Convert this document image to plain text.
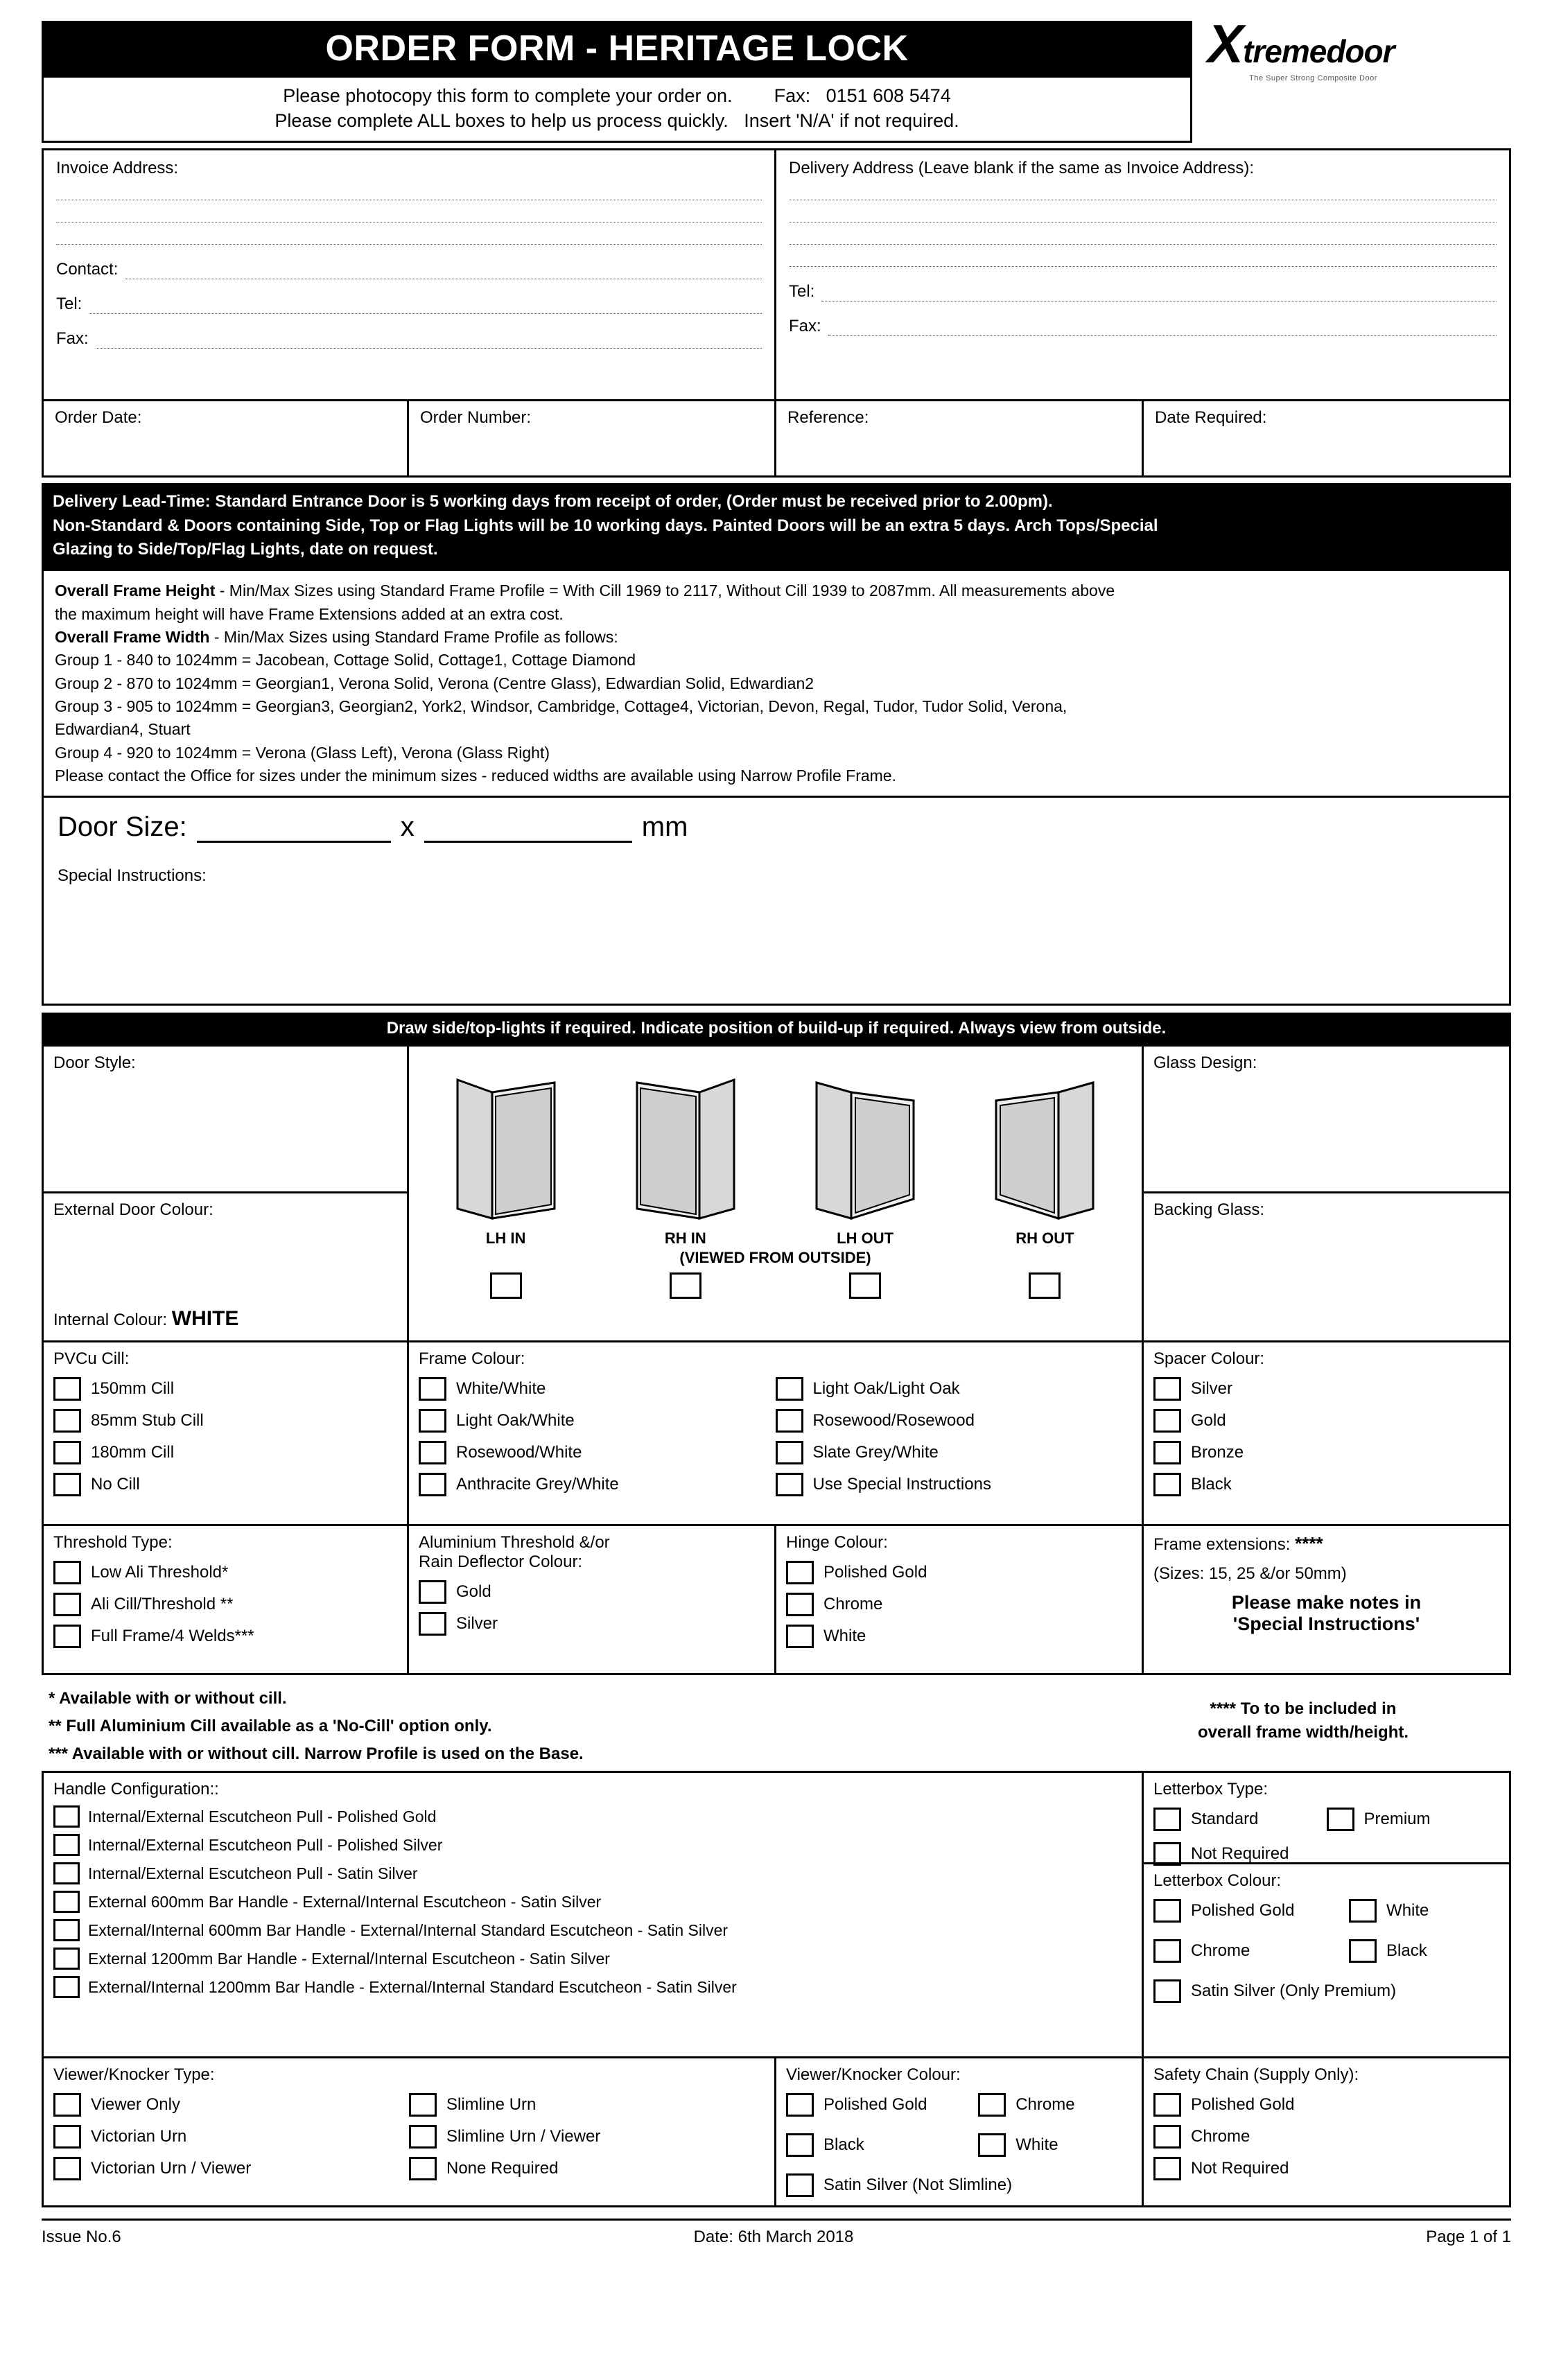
ORDER FORM - HERITAGE LOCK
Please photocopy this form to complete your order on.        Fax:   0151 608 5474
Please complete ALL boxes to help us process quickly.   Insert 'N/A' if not required.
Xtremedoor
The Super Strong Composite Door
Invoice Address:
Contact:
Tel:
Fax:
Delivery Address (Leave blank if the same as Invoice Address):
Tel:
Fax:
Order Date:	Order Number:	Reference:	Date Required:
Delivery Lead-Time: Standard Entrance Door is 5 working days from receipt of order, (Order must be received prior to 2.00pm).
Non-Standard & Doors containing Side, Top or Flag Lights will be 10 working days. Painted Doors will be an extra 5 days. Arch Tops/Special
Glazing to Side/Top/Flag Lights, date on request.
Overall Frame Height - Min/Max Sizes using Standard Frame Profile = With Cill 1969 to 2117, Without Cill 1939 to 2087mm. All measurements above
the maximum height will have Frame Extensions added at an extra cost.
Overall Frame Width - Min/Max Sizes using Standard Frame Profile as follows:
Group 1 - 840 to 1024mm = Jacobean, Cottage Solid, Cottage1, Cottage Diamond
Group 2 - 870 to 1024mm = Georgian1, Verona Solid, Verona (Centre Glass), Edwardian Solid, Edwardian2
Group 3 - 905 to 1024mm = Georgian3, Georgian2, York2, Windsor, Cambridge, Cottage4, Victorian, Devon, Regal, Tudor, Tudor Solid, Verona,
Edwardian4, Stuart
Group 4 - 920 to 1024mm = Verona (Glass Left), Verona (Glass Right)
Please contact the Office for sizes under the minimum sizes - reduced widths are available using Narrow Profile Frame.
Door Size:	x	mm
Special Instructions:
Draw side/top-lights if required. Indicate position of build-up if required. Always view from outside.
Door Style:
External Door Colour:
Internal Colour: WHITE
LH IN	RH IN	LH OUT	RH OUT
(VIEWED FROM OUTSIDE)
Glass Design:
Backing Glass:
PVCu Cill:
150mm Cill
85mm Stub Cill
180mm Cill
No Cill
Frame Colour:
White/White
Light Oak/White
Rosewood/White
Anthracite Grey/White
Light Oak/Light Oak
Rosewood/Rosewood
Slate Grey/White
Use Special Instructions
Spacer Colour:
Silver
Gold
Bronze
Black
Threshold Type:
Low Ali Threshold*
Ali Cill/Threshold **
Full Frame/4 Welds***
Aluminium Threshold &/or
Rain Deflector Colour:
Gold
Silver
Hinge Colour:
Polished Gold
Chrome
White
Frame extensions: ****
(Sizes: 15, 25 &/or 50mm)
Please make notes in
'Special Instructions'
* Available with or without cill.
** Full Aluminium Cill available as a 'No-Cill' option only.
*** Available with or without cill. Narrow Profile is used on the Base.
**** To to be included in
overall frame width/height.
Handle Configuration::
Internal/External Escutcheon Pull - Polished Gold
Internal/External Escutcheon Pull - Polished Silver
Internal/External Escutcheon Pull - Satin Silver
External 600mm Bar Handle - External/Internal Escutcheon - Satin Silver
External/Internal 600mm Bar Handle - External/Internal Standard Escutcheon - Satin Silver
External 1200mm Bar Handle - External/Internal Escutcheon - Satin Silver
External/Internal 1200mm Bar Handle - External/Internal Standard Escutcheon - Satin Silver
Letterbox Type:
Standard	Premium
Not Required
Letterbox Colour:
Polished Gold	White
Chrome	Black
Satin Silver (Only Premium)
Viewer/Knocker Type:
Viewer Only
Victorian Urn
Victorian Urn / Viewer
Slimline Urn
Slimline Urn / Viewer
None Required
Viewer/Knocker Colour:
Polished Gold	Chrome
Black	White
Satin Silver (Not Slimline)
Safety Chain (Supply Only):
Polished Gold
Chrome
Not Required
Issue No.6	Date: 6th March 2018	Page 1 of 1
